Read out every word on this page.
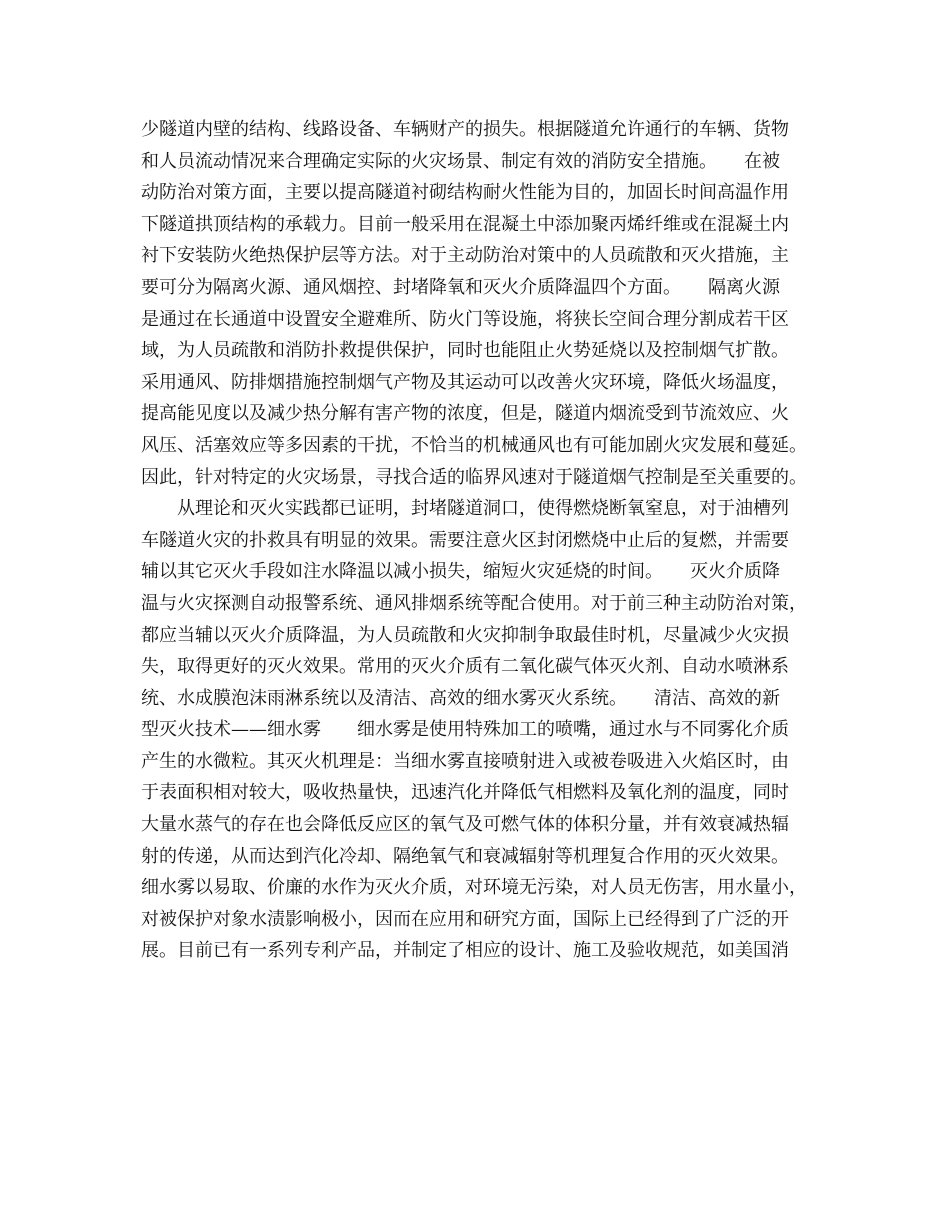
少隧道内壁的结构、线路设备、车辆财产的损失。根据隧道允许通行的车辆、货物
和人员流动情况来合理确定实际的火灾场景、制定有效的消防安全措施。　　在被
动防治对策方面，主要以提高隧道衬砌结构耐火性能为目的，加固长时间高温作用
下隧道拱顶结构的承载力。目前一般采用在混凝土中添加聚丙烯纤维或在混凝土内
衬下安装防火绝热保护层等方法。对于主动防治对策中的人员疏散和灭火措施，主
要可分为隔离火源、通风烟控、封堵降氧和灭火介质降温四个方面。　　隔离火源
是通过在长通道中设置安全避难所、防火门等设施，将狭长空间合理分割成若干区
域，为人员疏散和消防扑救提供保护，同时也能阻止火势延烧以及控制烟气扩散。
采用通风、防排烟措施控制烟气产物及其运动可以改善火灾环境，降低火场温度，
提高能见度以及减少热分解有害产物的浓度，但是，隧道内烟流受到节流效应、火
风压、活塞效应等多因素的干扰，不恰当的机械通风也有可能加剧火灾发展和蔓延。
因此，针对特定的火灾场景，寻找合适的临界风速对于隧道烟气控制是至关重要的。
　　从理论和灭火实践都已证明，封堵隧道洞口，使得燃烧断氧窒息，对于油槽列
车隧道火灾的扑救具有明显的效果。需要注意火区封闭燃烧中止后的复燃，并需要
辅以其它灭火手段如注水降温以减小损失，缩短火灾延烧的时间。　　灭火介质降
温与火灾探测自动报警系统、通风排烟系统等配合使用。对于前三种主动防治对策，
都应当辅以灭火介质降温，为人员疏散和火灾抑制争取最佳时机，尽量减少火灾损
失，取得更好的灭火效果。常用的灭火介质有二氧化碳气体灭火剂、自动水喷淋系
统、水成膜泡沫雨淋系统以及清洁、高效的细水雾灭火系统。　　清洁、高效的新
型灭火技术——细水雾　　细水雾是使用特殊加工的喷嘴，通过水与不同雾化介质
产生的水微粒。其灭火机理是：当细水雾直接喷射进入或被卷吸进入火焰区时，由
于表面积相对较大，吸收热量快，迅速汽化并降低气相燃料及氧化剂的温度，同时
大量水蒸气的存在也会降低反应区的氧气及可燃气体的体积分量，并有效衰减热辐
射的传递，从而达到汽化冷却、隔绝氧气和衰减辐射等机理复合作用的灭火效果。
细水雾以易取、价廉的水作为灭火介质，对环境无污染，对人员无伤害，用水量小，
对被保护对象水渍影响极小，因而在应用和研究方面，国际上已经得到了广泛的开
展。目前已有一系列专利产品，并制定了相应的设计、施工及验收规范，如美国消
